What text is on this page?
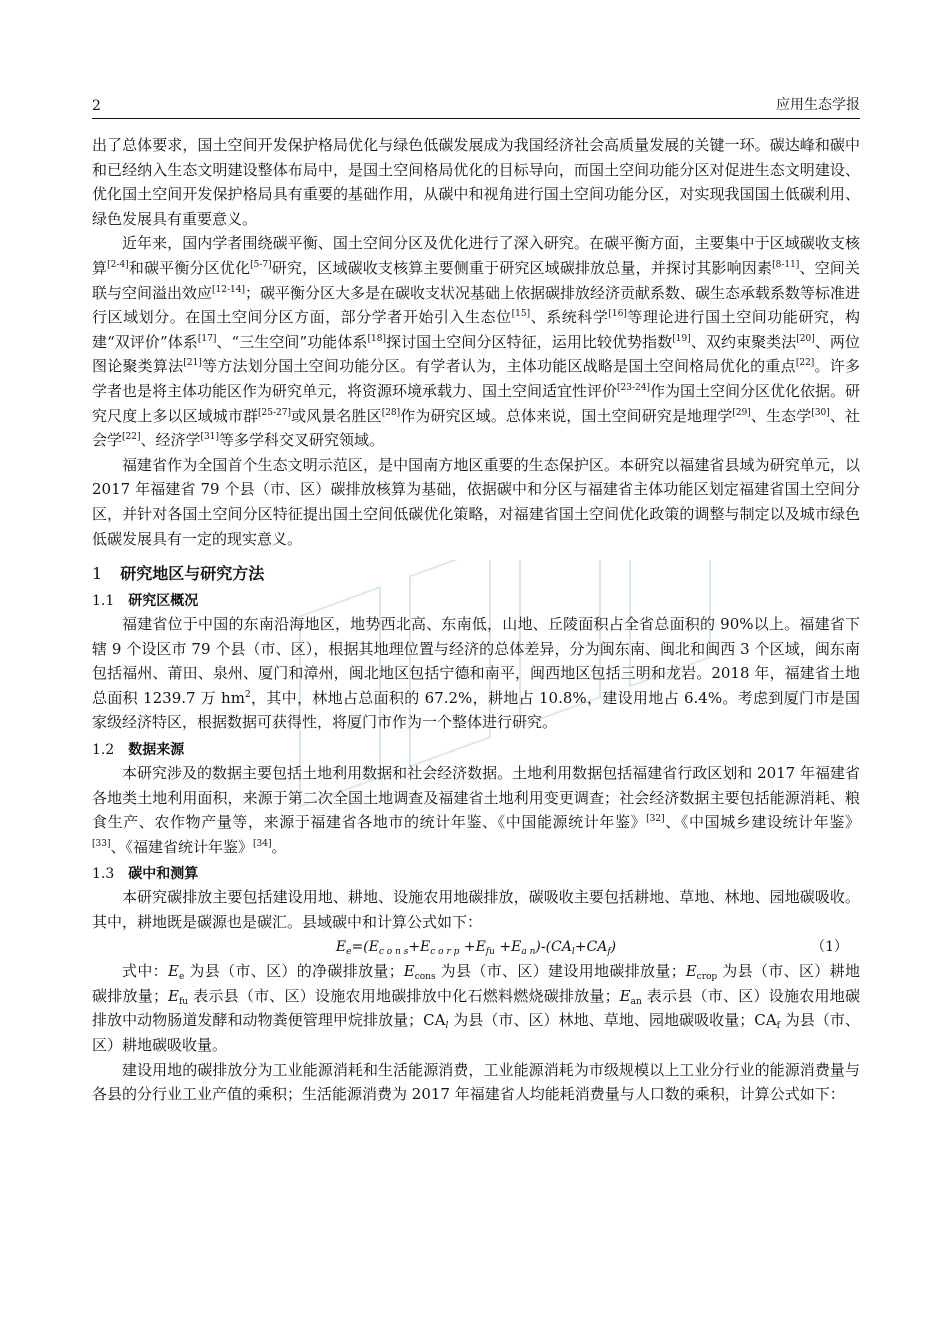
2	应用生态学报

出了总体要求，国土空间开发保护格局优化与绿色低碳发展成为我国经济社会高质量发展的关键一环。碳达峰和碳中和已经纳入生态文明建设整体布局中，是国土空间格局优化的目标导向，而国土空间功能分区对促进生态文明建设、优化国土空间开发保护格局具有重要的基础作用，从碳中和视角进行国土空间功能分区，对实现我国国土低碳利用、绿色发展具有重要意义。

近年来，国内学者围绕碳平衡、国土空间分区及优化进行了深入研究。在碳平衡方面，主要集中于区域碳收支核算[2-4]和碳平衡分区优化[5-7]研究，区域碳收支核算主要侧重于研究区域碳排放总量，并探讨其影响因素[8-11]、空间关联与空间溢出效应[12-14]；碳平衡分区大多是在碳收支状况基础上依据碳排放经济贡献系数、碳生态承载系数等标准进行区域划分。在国土空间分区方面，部分学者开始引入生态位[15]、系统科学[16]等理论进行国土空间功能研究，构建“双评价”体系[17]、“三生空间”功能体系[18]探讨国土空间分区特征，运用比较优势指数[19]、双约束聚类法[20]、两位图论聚类算法[21]等方法划分国土空间功能分区。有学者认为，主体功能区战略是国土空间格局优化的重点[22]。许多学者也是将主体功能区作为研究单元，将资源环境承载力、国土空间适宜性评价[23-24]作为国土空间分区优化依据。研究尺度上多以区域城市群[25-27]或风景名胜区[28]作为研究区域。总体来说，国土空间研究是地理学[29]、生态学[30]、社会学[22]、经济学[31]等多学科交叉研究领域。

福建省作为全国首个生态文明示范区，是中国南方地区重要的生态保护区。本研究以福建省县域为研究单元，以 2017 年福建省 79 个县（市、区）碳排放核算为基础，依据碳中和分区与福建省主体功能区划定福建省国土空间分区，并针对各国土空间分区特征提出国土空间低碳优化策略，对福建省国土空间优化政策的调整与制定以及城市绿色低碳发展具有一定的现实意义。

1 研究地区与研究方法
1.1 研究区概况

福建省位于中国的东南沿海地区，地势西北高、东南低，山地、丘陵面积占全省总面积的 90%以上。福建省下辖 9 个设区市 79 个县（市、区），根据其地理位置与经济的总体差异，分为闽东南、闽北和闽西 3 个区域，闽东南包括福州、莆田、泉州、厦门和漳州，闽北地区包括宁德和南平，闽西地区包括三明和龙岩。2018 年，福建省土地总面积 1239.7 万 $hm^2$，其中，林地占总面积的 67.2%，耕地占 10.8%，建设用地占 6.4%。考虑到厦门市是国家级经济特区，根据数据可获得性，将厦门市作为一个整体进行研究。

1.2 数据来源

本研究涉及的数据主要包括土地利用数据和社会经济数据。土地利用数据包括福建省行政区划和 2017 年福建省各地类土地利用面积，来源于第二次全国土地调查及福建省土地利用变更调查；社会经济数据主要包括能源消耗、粮食生产、农作物产量等，来源于福建省各地市的统计年鉴、《中国能源统计年鉴》[32]、《中国城乡建设统计年鉴》[33]、《福建省统计年鉴》[34]。

1.3 碳中和测算

本研究碳排放主要包括建设用地、耕地、设施农用地碳排放，碳吸收主要包括耕地、草地、林地、园地碳吸收。其中，耕地既是碳源也是碳汇。县域碳中和计算公式如下：

$E_e=(E_{c o n s}+E_{c o r p} +E_{fu} +E_{a n})-(CA_l+CA_f)$	（1）

式中：$E_e$ 为县（市、区）的净碳排放量；$E_{cons}$ 为县（市、区）建设用地碳排放量；$E_{crop}$ 为县（市、区）耕地碳排放量；$E_{fu}$ 表示县（市、区）设施农用地碳排放中化石燃料燃烧碳排放量；$E_{an}$ 表示县（市、区）设施农用地碳排放中动物肠道发酵和动物粪便管理甲烷排放量；$CA_l$ 为县（市、区）林地、草地、园地碳吸收量；$CA_f$ 为县（市、区）耕地碳吸收量。

建设用地的碳排放分为工业能源消耗和生活能源消费，工业能源消耗为市级规模以上工业分行业的能源消费量与各县的分行业工业产值的乘积；生活能源消费为 2017 年福建省人均能耗消费量与人口数的乘积，计算公式如下：
